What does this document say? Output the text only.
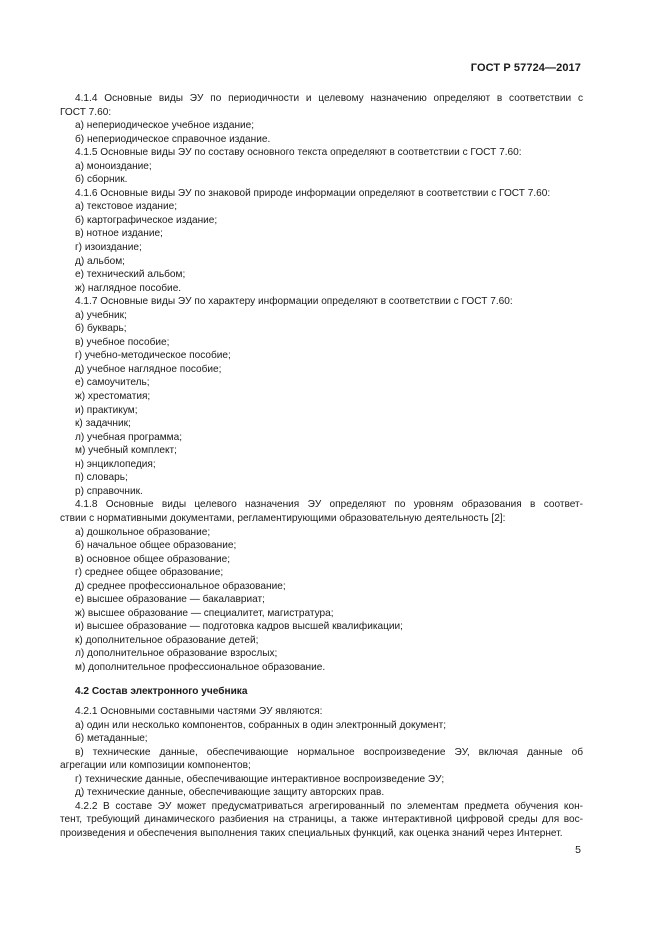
ГОСТ Р 57724—2017
4.1.4 Основные виды ЭУ по периодичности и целевому назначению определяют в соответствии с
ГОСТ 7.60:
а) непериодическое учебное издание;
б) непериодическое справочное издание.
4.1.5 Основные виды ЭУ по составу основного текста определяют в соответствии с ГОСТ 7.60:
а) моноиздание;
б) сборник.
4.1.6 Основные виды ЭУ по знаковой природе информации определяют в соответствии с ГОСТ 7.60:
а) текстовое издание;
б) картографическое издание;
в) нотное издание;
г) изоиздание;
д) альбом;
е) технический альбом;
ж) наглядное пособие.
4.1.7 Основные виды ЭУ по характеру информации определяют в соответствии с ГОСТ 7.60:
а) учебник;
б) букварь;
в) учебное пособие;
г) учебно-методическое пособие;
д) учебное наглядное пособие;
е) самоучитель;
ж) хрестоматия;
и) практикум;
к) задачник;
л) учебная программа;
м) учебный комплект;
н) энциклопедия;
п) словарь;
р) справочник.
4.1.8 Основные виды целевого назначения ЭУ определяют по уровням образования в соответ-
ствии с нормативными документами, регламентирующими образовательную деятельность [2]:
а) дошкольное образование;
б) начальное общее образование;
в) основное общее образование;
г) среднее общее образование;
д) среднее профессиональное образование;
е) высшее образование — бакалавриат;
ж) высшее образование — специалитет, магистратура;
и) высшее образование — подготовка кадров высшей квалификации;
к) дополнительное образование детей;
л) дополнительное образование взрослых;
м) дополнительное профессиональное образование.
4.2 Состав электронного учебника
4.2.1 Основными составными частями ЭУ являются:
а) один или несколько компонентов, собранных в один электронный документ;
б) метаданные;
в) технические данные, обеспечивающие нормальное воспроизведение ЭУ, включая данные об
агрегации или композиции компонентов;
г) технические данные, обеспечивающие интерактивное воспроизведение ЭУ;
д) технические данные, обеспечивающие защиту авторских прав.
4.2.2 В составе ЭУ может предусматриваться агрегированный по элементам предмета обучения кон-
тент, требующий динамического разбиения на страницы, а также интерактивной цифровой среды для вос-
произведения и обеспечения выполнения таких специальных функций, как оценка знаний через Интернет.
5
